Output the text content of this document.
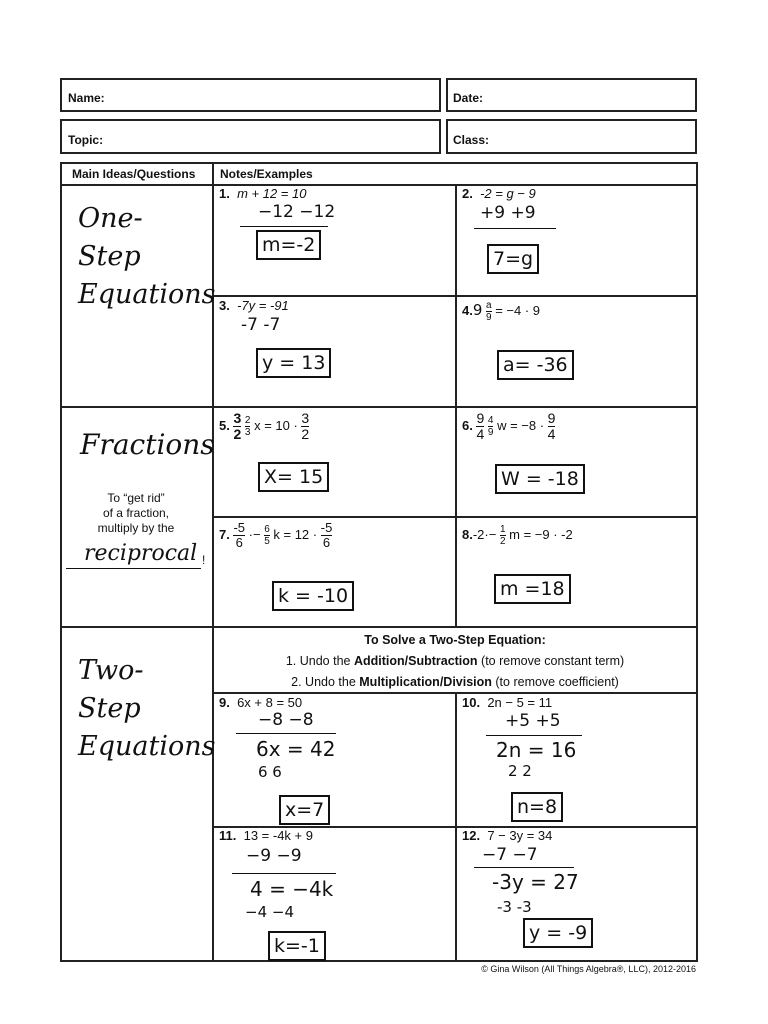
Name:	Date:
Topic:	Class:
Main Ideas/Questions Notes/Examples
One-Step Equations
Fractions
To “get rid”
of a fraction,
multiply by the
reciprocal !
Two-Step Equations
To Solve a Two-Step Equation:
1. Undo the Addition/Subtraction (to remove constant term)
2. Undo the Multiplication/Division (to remove coefficient)
1. m + 12 = 10
−12 −12
m=-2
2. -2 = g − 9
+9 +9
7=g
3. -7y = -91
-7 -7
y = 13
$4.9 \frac{a}{9} = -4 \cdot 9$
a= -36
5. $\frac{3}{2}$
$\frac{2}{3}$ $x = 10 \cdot \frac{3}{2}$
X= 15
6. $\frac{9}{4}$
$\frac{4}{9}$ $w = -8 \cdot \frac{9}{4}$
W = -18
7. $\frac{-5}{6} \cdot- \frac{6}{5}$ $k = 12 \cdot \frac{-5}{6}$
k = -10
$8.-2\cdot- \frac{1}{2}$ m = −9 · -2
m =18
9. 6x + 8 = 50
−8 −8
6x = 42
6 6
x=7
10. 2n − 5 = 11
+5 +5
2n = 16
2 2
n=8
11. 13 = -4k + 9
−9 −9
4 = −4k
−4 −4
k=-1
12. 7 − 3y = 34
−7 −7
-3y = 27
-3 -3
y = -9
© Gina Wilson (All Things Algebra®, LLC), 2012-2016
